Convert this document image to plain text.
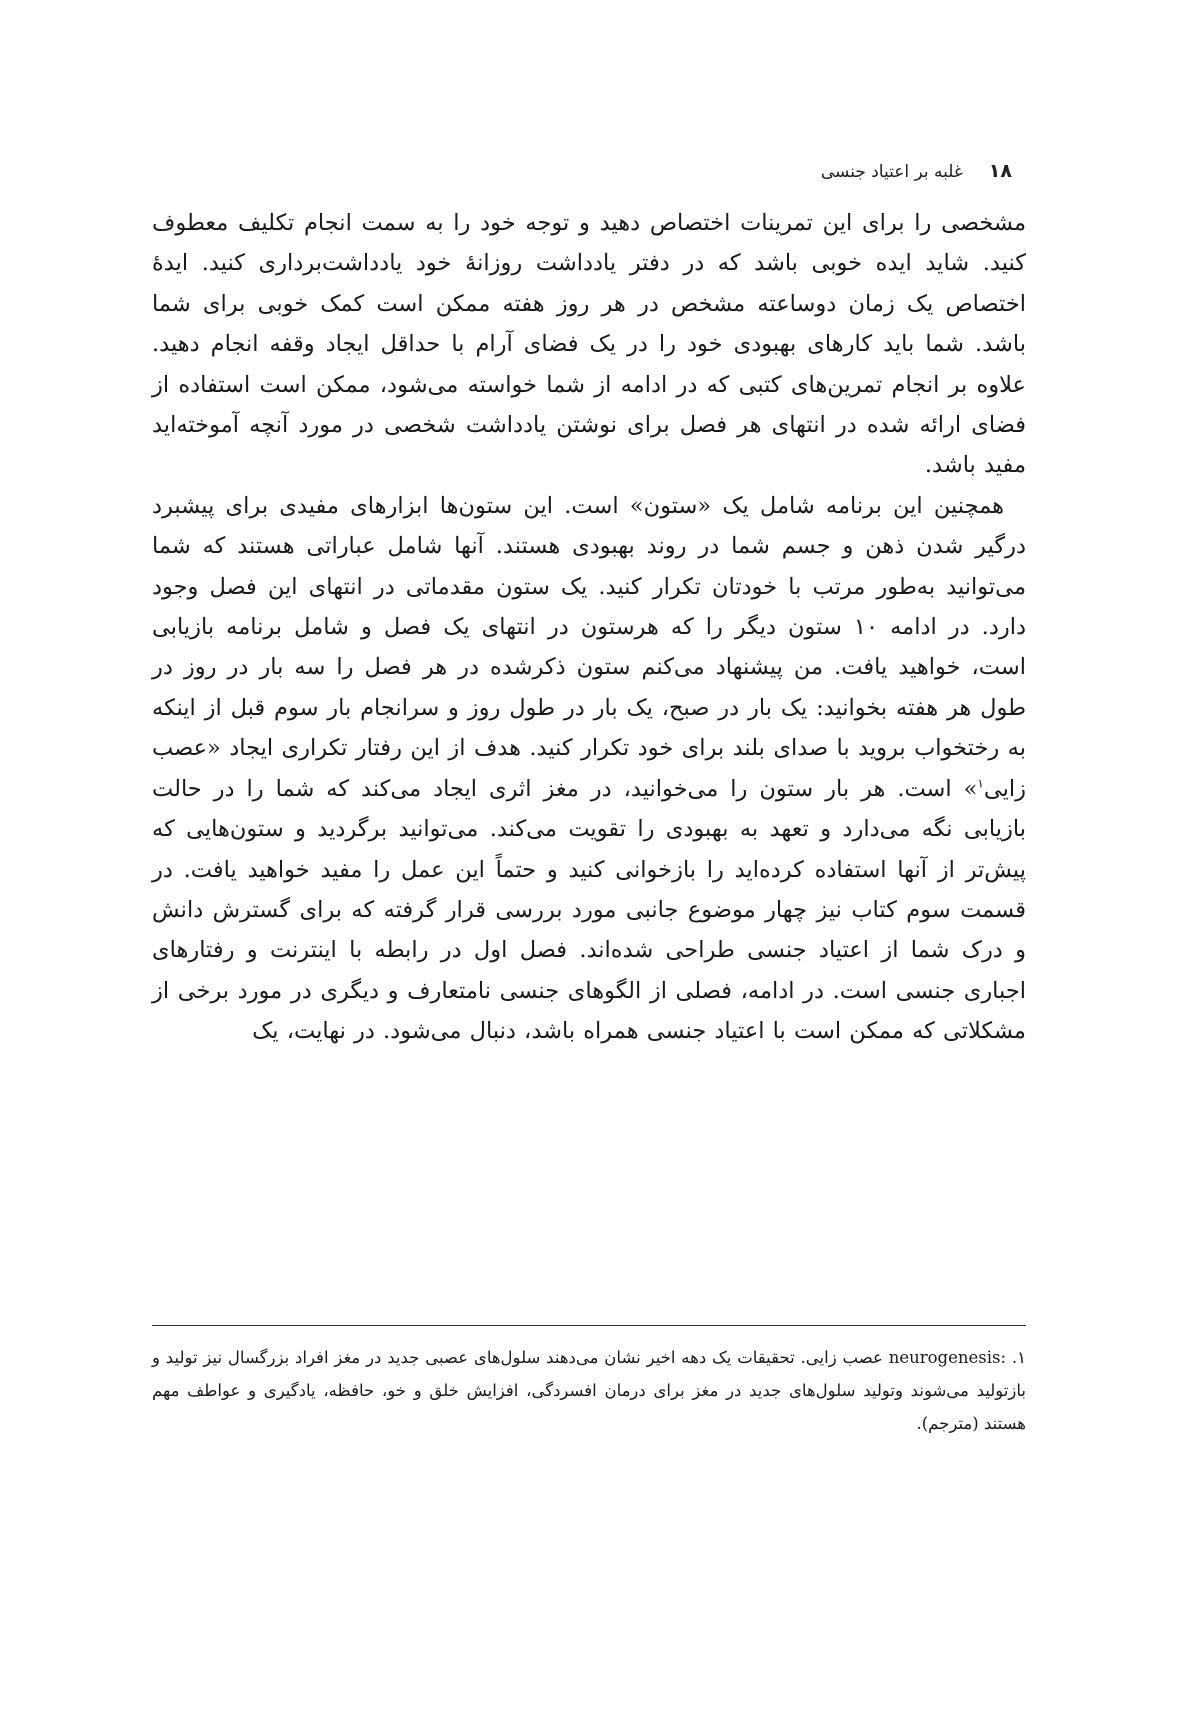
۱۸
غلبه بر اعتیاد جنسی

مشخصی را برای این تمرینات اختصاص دهید و توجه خود را به سمت انجام تکلیف معطوف کنید. شاید ایده خوبی باشد که در دفتر یادداشت روزانهٔ خود یادداشت‌برداری کنید. ایدهٔ اختصاص یک زمان دوساعته مشخص در هر روز هفته ممکن است کمک خوبی برای شما باشد. شما باید کارهای بهبودی خود را در یک فضای آرام با حداقل ایجاد وقفه انجام دهید. علاوه بر انجام تمرین‌های کتبی که در ادامه از شما خواسته می‌شود، ممکن است استفاده از فضای ارائه شده در انتهای هر فصل برای نوشتن یادداشت شخصی در مورد آنچه آموخته‌اید مفید باشد.

همچنین این برنامه شامل یک «ستون» است. این ستون‌ها ابزارهای مفیدی برای پیشبرد درگیر شدن ذهن و جسم شما در روند بهبودی هستند. آنها شامل عباراتی هستند که شما می‌توانید به‌طور مرتب با خودتان تکرار کنید. یک ستون مقدماتی در انتهای این فصل وجود دارد. در ادامه ۱۰ ستون دیگر را که هرستون در انتهای یک فصل و شامل برنامه بازیابی است، خواهید یافت. من پیشنهاد می‌کنم ستون ذکرشده در هر فصل را سه بار در روز در طول هر هفته بخوانید: یک بار در صبح، یک بار در طول روز و سرانجام بار سوم قبل از اینکه به رختخواب بروید با صدای بلند برای خود تکرار کنید. هدف از این رفتار تکراری ایجاد «عصب زایی$^۱$» است. هر بار ستون را می‌خوانید، در مغز اثری ایجاد می‌کند که شما را در حالت بازیابی نگه می‌دارد و تعهد به بهبودی را تقویت می‌کند. می‌توانید برگردید و ستون‌هایی که پیش‌تر از آنها استفاده کرده‌اید را بازخوانی کنید و حتماً این عمل را مفید خواهید یافت. در قسمت سوم کتاب نیز چهار موضوع جانبی مورد بررسی قرار گرفته که برای گسترش دانش و درک شما از اعتیاد جنسی طراحی شده‌اند. فصل اول در رابطه با اینترنت و رفتارهای اجباری جنسی است. در ادامه، فصلی از الگوهای جنسی نامتعارف و دیگری در مورد برخی از مشکلاتی که ممکن است با اعتیاد جنسی همراه باشد، دنبال می‌شود. در نهایت، یک

۱. neurogenesis: عصب زایی. تحقیقات یک دهه اخیر نشان می‌دهند سلول‌های عصبی جدید در مغز افراد بزرگسال نیز تولید و بازتولید می‌شوند وتولید سلول‌های جدید در مغز برای درمان افسردگی، افزایش خلق و خو، حافظه، یادگیری و عواطف مهم هستند (مترجم).
